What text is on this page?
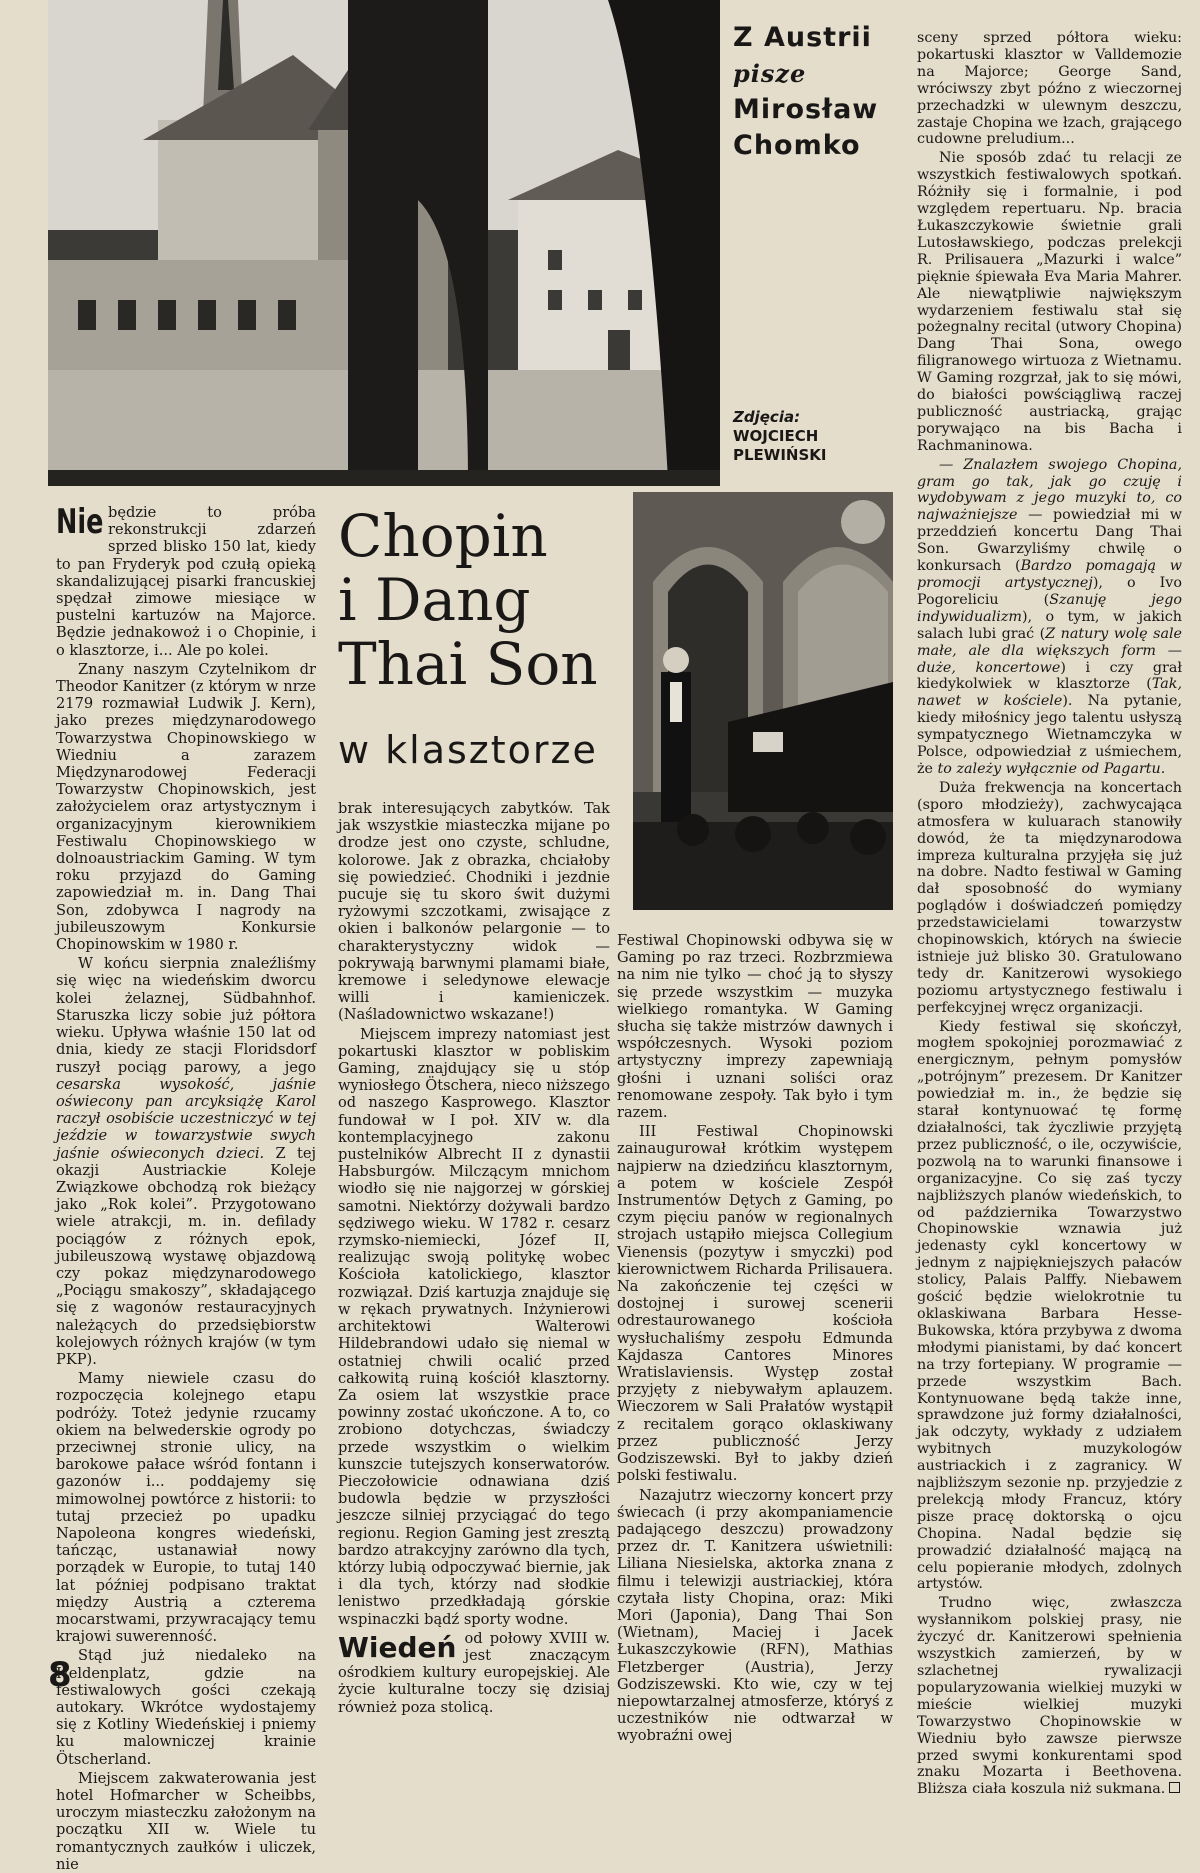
Z Austrii
pisze
Mirosław
Chomko
Zdjęcia:
WOJCIECH
PLEWIŃSKI

sceny sprzed półtora wieku: pokartuski klasztor w Valldemozie na Majorce; George Sand, wróciwszy zbyt późno z wieczornej przechadzki w ulewnym deszczu, zastaje Chopina we łzach, grającego cudowne preludium...

Nie sposób zdać tu relacji ze wszystkich festiwalowych spotkań. Różniły się i formalnie, i pod względem repertuaru. Np. bracia Łukaszczykowie świetnie grali Lutosławskiego, podczas prelekcji R. Prilisauera „Mazurki i walce” pięknie śpiewała Eva Maria Mahrer. Ale niewątpliwie największym wydarzeniem festiwalu stał się pożegnalny recital (utwory Chopina) Dang Thai Sona, owego filigranowego wirtuoza z Wietnamu. W Gaming rozgrzał, jak to się mówi, do białości powściągliwą raczej publiczność austriacką, grając porywająco na bis Bacha i Rachmaninowa.

— Znalazłem swojego Chopina, gram go tak, jak go czuję i wydobywam z jego muzyki to, co najważniejsze — powiedział mi w przeddzień koncertu Dang Thai Son. Gwarzyliśmy chwilę o konkursach (Bardzo pomagają w promocji artystycznej), o Ivo Pogoreliciu (Szanuję jego indywidualizm), o tym, w jakich salach lubi grać (Z natury wolę sale małe, ale dla większych form — duże, koncertowe) i czy grał kiedykolwiek w klasztorze (Tak, nawet w kościele). Na pytanie, kiedy miłośnicy jego talentu usłyszą sympatycznego Wietnamczyka w Polsce, odpowiedział z uśmiechem, że to zależy wyłącznie od Pagartu.

Duża frekwencja na koncertach (sporo młodzieży), zachwycająca atmosfera w kuluarach stanowiły dowód, że ta międzynarodowa impreza kulturalna przyjęła się już na dobre. Nadto festiwal w Gaming dał sposobność do wymiany poglądów i doświadczeń pomiędzy przedstawicielami towarzystw chopinowskich, których na świecie istnieje już blisko 30. Gratulowano tedy dr. Kanitzerowi wysokiego poziomu artystycznego festiwalu i perfekcyjnej wręcz organizacji.

Kiedy festiwal się skończył, mogłem spokojniej porozmawiać z energicznym, pełnym pomysłów „potrójnym” prezesem. Dr Kanitzer powiedział m. in., że będzie się starał kontynuować tę formę działalności, tak życzliwie przyjętą przez publiczność, o ile, oczywiście, pozwolą na to warunki finansowe i organizacyjne. Co się zaś tyczy najbliższych planów wiedeńskich, to od października Towarzystwo Chopinowskie wznawia już jedenasty cykl koncertowy w jednym z najpiękniejszych pałaców stolicy, Palais Palffy. Niebawem gościć będzie wielokrotnie tu oklaskiwana Barbara Hesse-Bukowska, która przybywa z dwoma młodymi pianistami, by dać koncert na trzy fortepiany. W programie — przede wszystkim Bach. Kontynuowane będą także inne, sprawdzone już formy działalności, jak odczyty, wykłady z udziałem wybitnych muzykologów austriackich i z zagranicy. W najbliższym sezonie np. przyjedzie z prelekcją młody Francuz, który pisze pracę doktorską o ojcu Chopina. Nadal będzie się prowadzić działalność mającą na celu popieranie młodych, zdolnych artystów.

Trudno więc, zwłaszcza wysłannikom polskiej prasy, nie życzyć dr. Kanitzerowi spełnienia wszystkich zamierzeń, by w szlachetnej rywalizacji popularyzowania wielkiej muzyki w mieście wielkiej muzyki Towarzystwo Chopinowskie w Wiedniu było zawsze pierwsze przed swymi konkurentami spod znaku Mozarta i Beethovena. Bliższa ciała koszula niż sukmana.

Chopin
i Dang
Thai Son
w klasztorze

Nie będzie to próba rekonstrukcji zdarzeń sprzed blisko 150 lat, kiedy to pan Fryderyk pod czułą opieką skandalizującej pisarki francuskiej spędzał zimowe miesiące w pustelni kartuzów na Majorce. Będzie jednakowoż i o Chopinie, i o klasztorze, i... Ale po kolei.

Znany naszym Czytelnikom dr Theodor Kanitzer (z którym w nrze 2179 rozmawiał Ludwik J. Kern), jako prezes międzynarodowego Towarzystwa Chopinowskiego w Wiedniu a zarazem Międzynarodowej Federacji Towarzystw Chopinowskich, jest założycielem oraz artystycznym i organizacyjnym kierownikiem Festiwalu Chopinowskiego w dolnoaustriackim Gaming. W tym roku przyjazd do Gaming zapowiedział m. in. Dang Thai Son, zdobywca I nagrody na jubileuszowym Konkursie Chopinowskim w 1980 r.

W końcu sierpnia znaleźliśmy się więc na wiedeńskim dworcu kolei żelaznej, Südbahnhof. Staruszka liczy sobie już półtora wieku. Upływa właśnie 150 lat od dnia, kiedy ze stacji Floridsdorf ruszył pociąg parowy, a jego cesarska wysokość, jaśnie oświecony pan arcyksiążę Karol raczył osobiście uczestniczyć w tej jeździe w towarzystwie swych jaśnie oświeconych dzieci. Z tej okazji Austriackie Koleje Związkowe obchodzą rok bieżący jako „Rok kolei”. Przygotowano wiele atrakcji, m. in. defilady pociągów z różnych epok, jubileuszową wystawę objazdową czy pokaz międzynarodowego „Pociągu smakoszy”, składającego się z wagonów restauracyjnych należących do przedsiębiorstw kolejowych różnych krajów (w tym PKP).

Mamy niewiele czasu do rozpoczęcia kolejnego etapu podróży. Toteż jedynie rzucamy okiem na belwederskie ogrody po przeciwnej stronie ulicy, na barokowe pałace wśród fontann i gazonów i... poddajemy się mimowolnej powtórce z historii: to tutaj przecież po upadku Napoleona kongres wiedeński, tańcząc, ustanawiał nowy porządek w Europie, to tutaj 140 lat później podpisano traktat między Austrią a czterema mocarstwami, przywracający temu krajowi suwerenność.

Stąd już niedaleko na Heldenplatz, gdzie na festiwalowych gości czekają autokary. Wkrótce wydostajemy się z Kotliny Wiedeńskiej i pniemy ku malowniczej krainie Ötscherland.

Miejscem zakwaterowania jest hotel Hofmarcher w Scheibbs, uroczym miasteczku założonym na początku XII w. Wiele tu romantycznych zaułków i uliczek, nie

brak interesujących zabytków. Tak jak wszystkie miasteczka mijane po drodze jest ono czyste, schludne, kolorowe. Jak z obrazka, chciałoby się powiedzieć. Chodniki i jezdnie pucuje się tu skoro świt dużymi ryżowymi szczotkami, zwisające z okien i balkonów pelargonie — to charakterystyczny widok — pokrywają barwnymi plamami białe, kremowe i seledynowe elewacje willi i kamieniczek. (Naśladownictwo wskazane!)

Miejscem imprezy natomiast jest pokartuski klasztor w pobliskim Gaming, znajdujący się u stóp wyniosłego Ötschera, nieco niższego od naszego Kasprowego. Klasztor fundował w I poł. XIV w. dla kontemplacyjnego zakonu pustelników Albrecht II z dynastii Habsburgów. Milczącym mnichom wiodło się nie najgorzej w górskiej samotni. Niektórzy dożywali bardzo sędziwego wieku. W 1782 r. cesarz rzymsko-niemiecki, Józef II, realizując swoją politykę wobec Kościoła katolickiego, klasztor rozwiązał. Dziś kartuzja znajduje się w rękach prywatnych. Inżynierowi architektowi Walterowi Hildebrandowi udało się niemal w ostatniej chwili ocalić przed całkowitą ruiną kościół klasztorny. Za osiem lat wszystkie prace powinny zostać ukończone. A to, co zrobiono dotychczas, świadczy przede wszystkim o wielkim kunszcie tutejszych konserwatorów. Pieczołowicie odnawiana dziś budowla będzie w przyszłości jeszcze silniej przyciągać do tego regionu. Region Gaming jest zresztą bardzo atrakcyjny zarówno dla tych, którzy lubią odpoczywać biernie, jak i dla tych, którzy nad słodkie lenistwo przedkładają górskie wspinaczki bądź sporty wodne.

Wiedeń od połowy XVIII w. jest znaczącym ośrodkiem kultury europejskiej. Ale życie kulturalne toczy się dzisiaj również poza stolicą.

Festiwal Chopinowski odbywa się w Gaming po raz trzeci. Rozbrzmiewa na nim nie tylko — choć ją to słyszy się przede wszystkim — muzyka wielkiego romantyka. W Gaming słucha się także mistrzów dawnych i współczesnych. Wysoki poziom artystyczny imprezy zapewniają głośni i uznani soliści oraz renomowane zespoły. Tak było i tym razem.

III Festiwal Chopinowski zainaugurował krótkim występem najpierw na dziedzińcu klasztornym, a potem w kościele Zespół Instrumentów Dętych z Gaming, po czym pięciu panów w regionalnych strojach ustąpiło miejsca Collegium Vienensis (pozytyw i smyczki) pod kierownictwem Richarda Prilisauera. Na zakończenie tej części w dostojnej i surowej scenerii odrestaurowanego kościoła wysłuchaliśmy zespołu Edmunda Kajdasza Cantores Minores Wratislaviensis. Występ został przyjęty z niebywałym aplauzem. Wieczorem w Sali Prałatów wystąpił z recitalem gorąco oklaskiwany przez publiczność Jerzy Godziszewski. Był to jakby dzień polski festiwalu.

Nazajutrz wieczorny koncert przy świecach (i przy akompaniamencie padającego deszczu) prowadzony przez dr. T. Kanitzera uświetnili: Liliana Niesielska, aktorka znana z filmu i telewizji austriackiej, która czytała listy Chopina, oraz: Miki Mori (Japonia), Dang Thai Son (Wietnam), Maciej i Jacek Łukaszczykowie (RFN), Mathias Fletzberger (Austria), Jerzy Godziszewski. Kto wie, czy w tej niepowtarzalnej atmosferze, któryś z uczestników nie odtwarzał w wyobraźni owej

8
